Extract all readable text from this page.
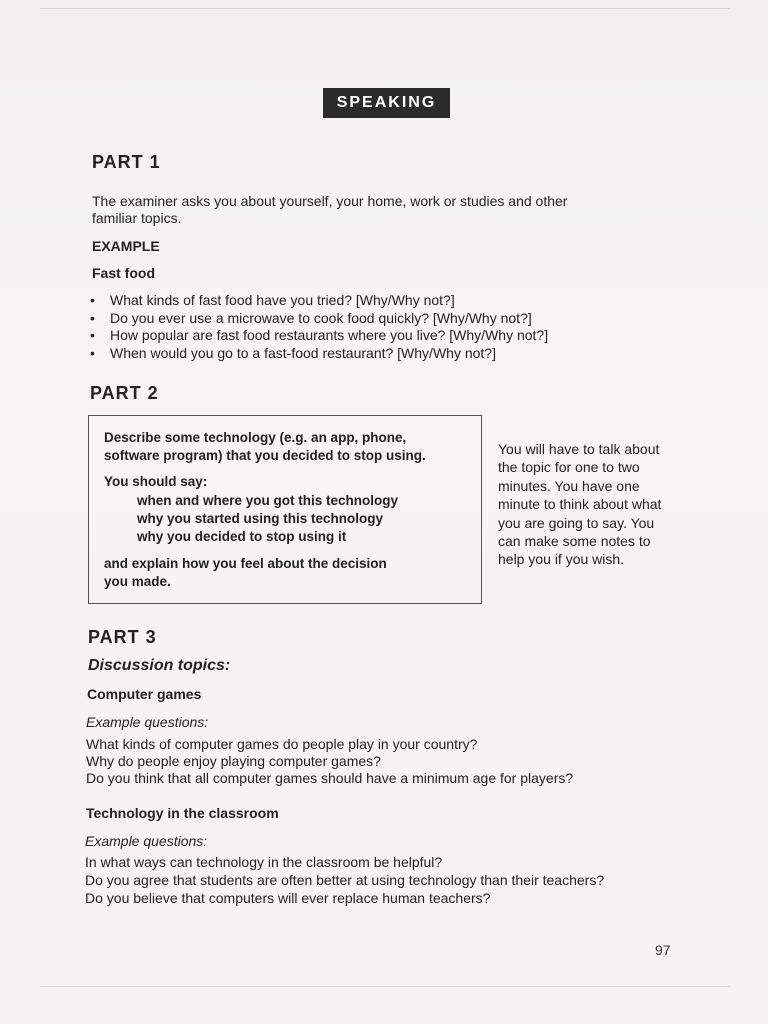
SPEAKING
PART 1
The examiner asks you about yourself, your home, work or studies and other familiar topics.
EXAMPLE
Fast food
• What kinds of fast food have you tried? [Why/Why not?]
• Do you ever use a microwave to cook food quickly? [Why/Why not?]
• How popular are fast food restaurants where you live? [Why/Why not?]
• When would you go to a fast-food restaurant? [Why/Why not?]
PART 2
Describe some technology (e.g. an app, phone,
software program) that you decided to stop using.
You should say:
when and where you got this technology
why you started using this technology
why you decided to stop using it
and explain how you feel about the decision
you made.
You will have to talk about the topic for one to two minutes. You have one minute to think about what you are going to say. You can make some notes to help you if you wish.
PART 3
Discussion topics:
Computer games
Example questions:
What kinds of computer games do people play in your country?
Why do people enjoy playing computer games?
Do you think that all computer games should have a minimum age for players?
Technology in the classroom
Example questions:
In what ways can technology in the classroom be helpful?
Do you agree that students are often better at using technology than their teachers?
Do you believe that computers will ever replace human teachers?
97
